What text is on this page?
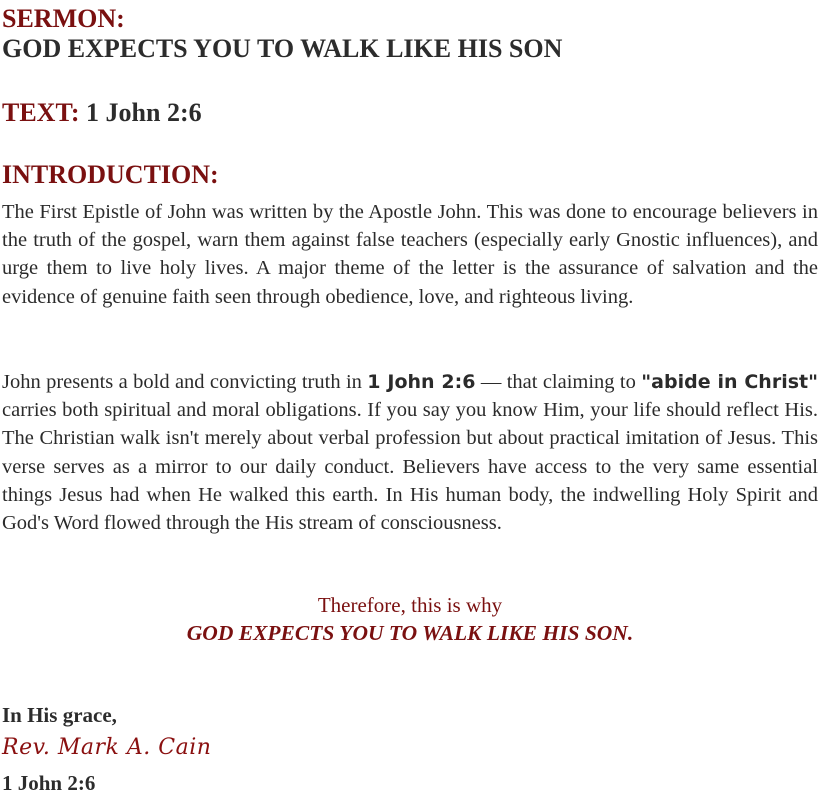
SERMON:
GOD EXPECTS YOU TO WALK LIKE HIS SON
TEXT: 1 John 2:6
INTRODUCTION:
The First Epistle of John was written by the Apostle John. This was done to encourage believers in the truth of the gospel, warn them against false teachers (especially early Gnostic influences), and urge them to live holy lives. A major theme of the letter is the assurance of salvation and the evidence of genuine faith seen through obedience, love, and righteous living.
John presents a bold and convicting truth in 1 John 2:6 — that claiming to "abide in Christ" carries both spiritual and moral obligations. If you say you know Him, your life should reflect His. The Christian walk isn't merely about verbal profession but about practical imitation of Jesus. This verse serves as a mirror to our daily conduct. Believers have access to the very same essential things Jesus had when He walked this earth. In His human body, the indwelling Holy Spirit and God's Word flowed through the His stream of consciousness.
Therefore, this is why
GOD EXPECTS YOU TO WALK LIKE HIS SON.
In His grace,
Rev. Mark A. Cain
1 John 2:6
